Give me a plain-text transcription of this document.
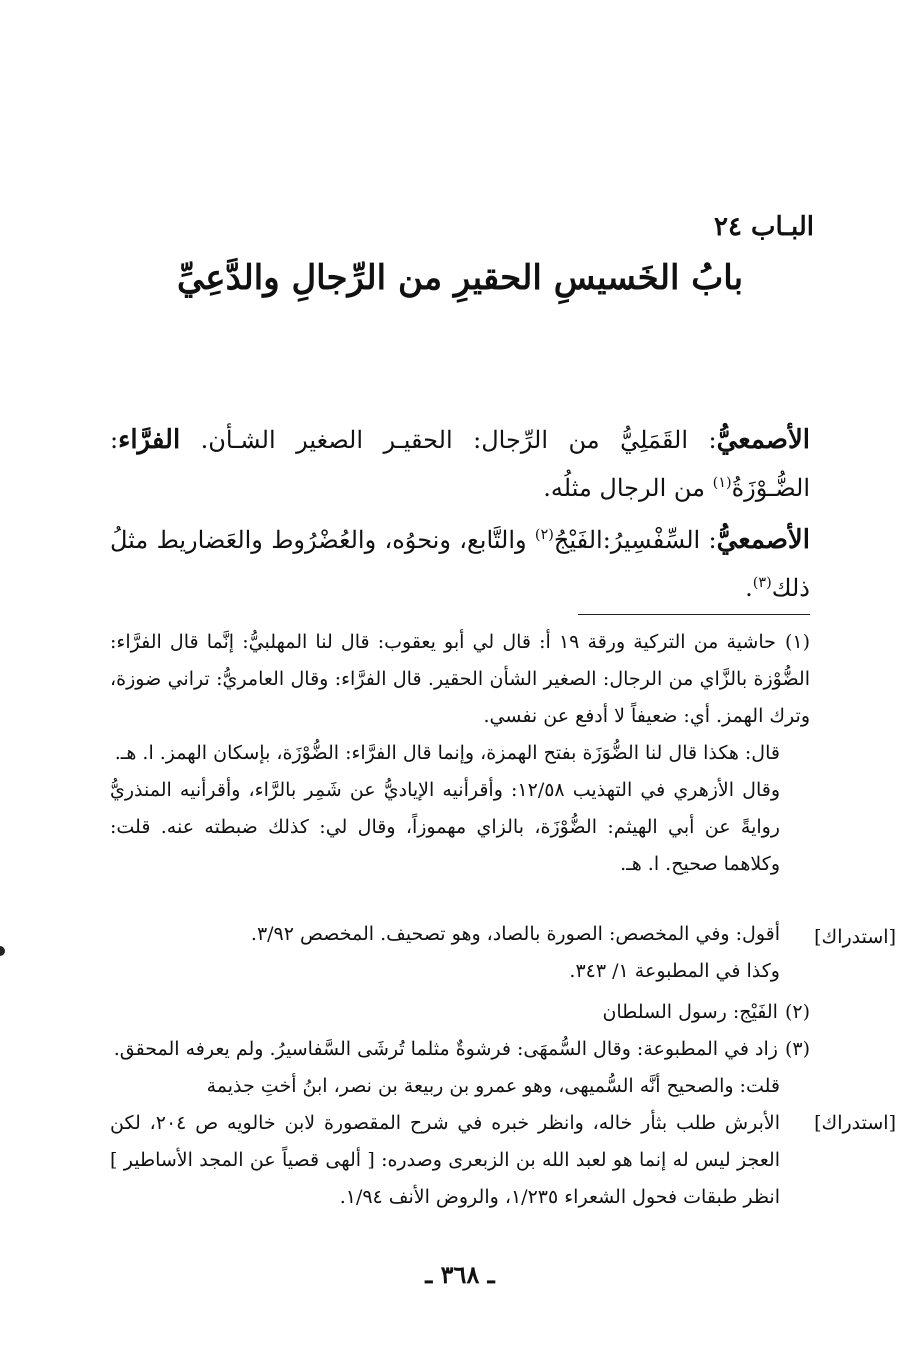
البـاب ٢٤
بابُ الخَسيسِ الحقيرِ من الرِّجالِ والدَّعِيِّ
الأصمعيُّ: القَمَلِيُّ من الرِّجال: الحقيـر الصغير الشـأن. الفرَّاء: الضُّـوْزَةُ$^{(١)}$ من الرجال مثلُه.
الأصمعيُّ: السِّفْسِيرُ:الفَيْجُ$^{(٢)}$ والتَّابع، ونحوُه، والعُضْرُوط والعَضاريط مثلُ ذلك$^{(٣)}$.
(١) حاشية من التركية ورقة ١٩ أ: قال لي أبو يعقوب: قال لنا المهلبيُّ: إنَّما قال الفرَّاء: الضُّوْزة بالزَّاي من الرجال: الصغير الشأن الحقير. قال الفرَّاء: وقال العامريُّ: تراني ضوزة، وترك الهمز. أي: ضعيفاً لا أدفع عن نفسي.
قال: هكذا قال لنا الضُّوَزَة بفتح الهمزة، وإنما قال الفرَّاء: الضُّوْزَة، بإسكان الهمز. ا. هـ.
وقال الأزهري في التهذيب ١٢/٥٨: وأقرأنيه الإياديُّ عن شَمِر بالرَّاء، وأقرأنيه المنذريُّ روايةً عن أبي الهيثم: الضُّوْزَة، بالزاي مهموزاً، وقال لي: كذلك ضبطته عنه. قلت: وكلاهما صحيح. ا. هـ.
[استدراك]
أقول: وفي المخصص: الصورة بالصاد، وهو تصحيف. المخصص ٣/٩٢.
وكذا في المطبوعة ١/ ٣٤٣.
(٢) الفَيْج: رسول السلطان
(٣) زاد في المطبوعة: وقال السُّمهَى: فرشوةٌ مثلما تُرشَى السَّفاسيرُ. ولم يعرفه المحقق.
قلت: والصحيح أنَّه السُّميهى، وهو عمرو بن ربيعة بن نصر، ابنُ أختِ جذيمة
[استدراك]
الأبرش طلب بثأر خاله، وانظر خبره في شرح المقصورة لابن خالويه ص ٢٠٤، لكن العجز ليس له إنما هو لعبد الله بن الزبعرى وصدره: [ ألهى قصياً عن المجد الأساطير ] انظر طبقات فحول الشعراء ١/٢٣٥، والروض الأنف ١/٩٤.
ـ ٣٦٨ ـ
